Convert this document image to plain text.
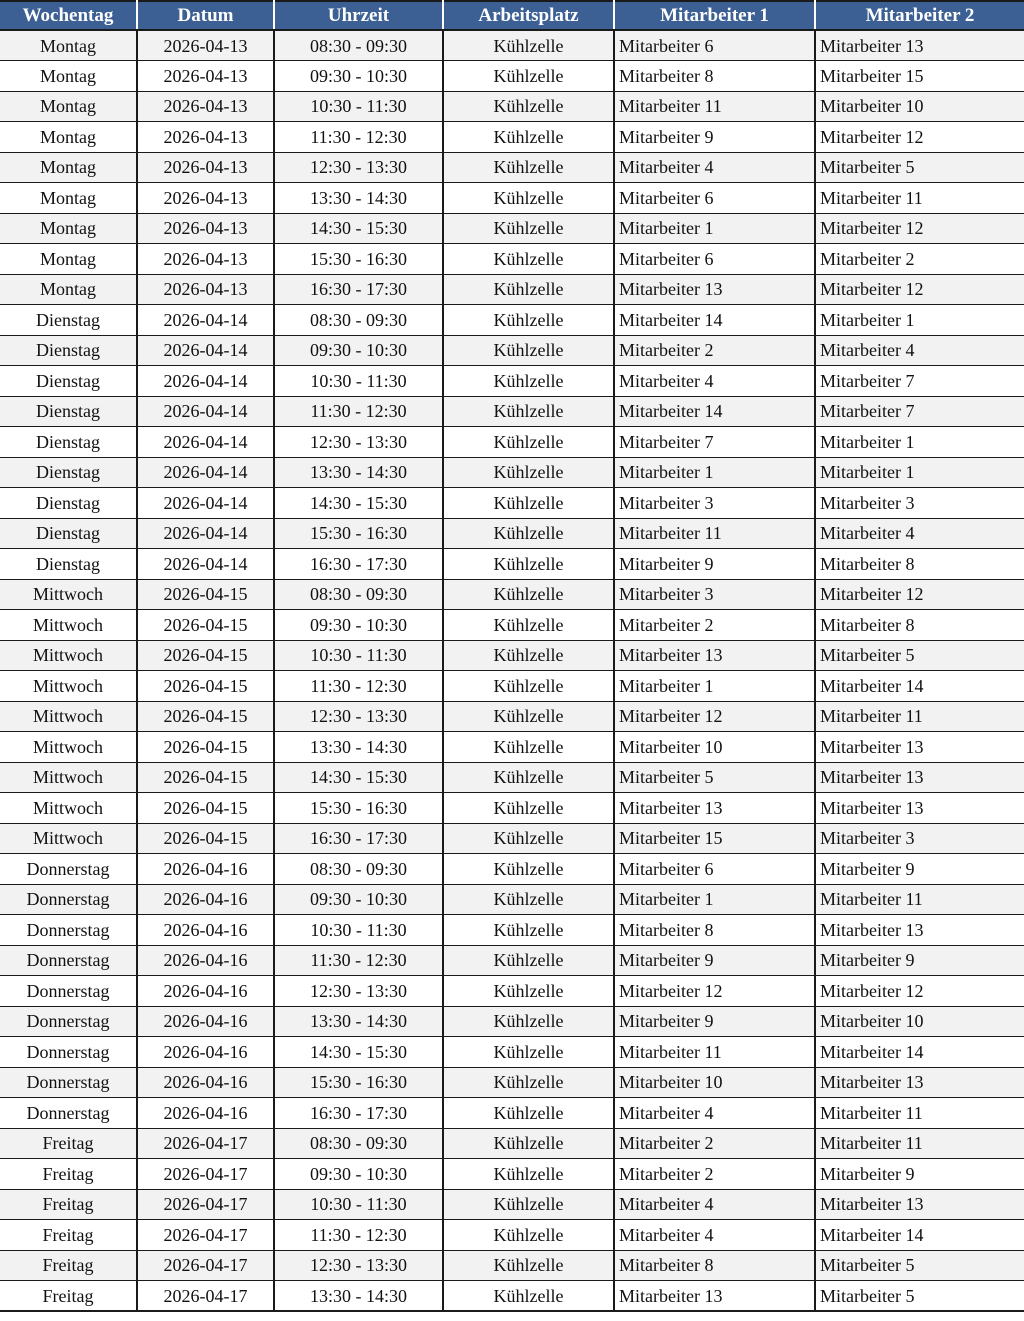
Wochentag	Datum	Uhrzeit	Arbeitsplatz	Mitarbeiter 1	Mitarbeiter 2
Montag	2026-04-13	08:30 - 09:30	Kühlzelle	Mitarbeiter 6	Mitarbeiter 13
Montag	2026-04-13	09:30 - 10:30	Kühlzelle	Mitarbeiter 8	Mitarbeiter 15
Montag	2026-04-13	10:30 - 11:30	Kühlzelle	Mitarbeiter 11	Mitarbeiter 10
Montag	2026-04-13	11:30 - 12:30	Kühlzelle	Mitarbeiter 9	Mitarbeiter 12
Montag	2026-04-13	12:30 - 13:30	Kühlzelle	Mitarbeiter 4	Mitarbeiter 5
Montag	2026-04-13	13:30 - 14:30	Kühlzelle	Mitarbeiter 6	Mitarbeiter 11
Montag	2026-04-13	14:30 - 15:30	Kühlzelle	Mitarbeiter 1	Mitarbeiter 12
Montag	2026-04-13	15:30 - 16:30	Kühlzelle	Mitarbeiter 6	Mitarbeiter 2
Montag	2026-04-13	16:30 - 17:30	Kühlzelle	Mitarbeiter 13	Mitarbeiter 12
Dienstag	2026-04-14	08:30 - 09:30	Kühlzelle	Mitarbeiter 14	Mitarbeiter 1
Dienstag	2026-04-14	09:30 - 10:30	Kühlzelle	Mitarbeiter 2	Mitarbeiter 4
Dienstag	2026-04-14	10:30 - 11:30	Kühlzelle	Mitarbeiter 4	Mitarbeiter 7
Dienstag	2026-04-14	11:30 - 12:30	Kühlzelle	Mitarbeiter 14	Mitarbeiter 7
Dienstag	2026-04-14	12:30 - 13:30	Kühlzelle	Mitarbeiter 7	Mitarbeiter 1
Dienstag	2026-04-14	13:30 - 14:30	Kühlzelle	Mitarbeiter 1	Mitarbeiter 1
Dienstag	2026-04-14	14:30 - 15:30	Kühlzelle	Mitarbeiter 3	Mitarbeiter 3
Dienstag	2026-04-14	15:30 - 16:30	Kühlzelle	Mitarbeiter 11	Mitarbeiter 4
Dienstag	2026-04-14	16:30 - 17:30	Kühlzelle	Mitarbeiter 9	Mitarbeiter 8
Mittwoch	2026-04-15	08:30 - 09:30	Kühlzelle	Mitarbeiter 3	Mitarbeiter 12
Mittwoch	2026-04-15	09:30 - 10:30	Kühlzelle	Mitarbeiter 2	Mitarbeiter 8
Mittwoch	2026-04-15	10:30 - 11:30	Kühlzelle	Mitarbeiter 13	Mitarbeiter 5
Mittwoch	2026-04-15	11:30 - 12:30	Kühlzelle	Mitarbeiter 1	Mitarbeiter 14
Mittwoch	2026-04-15	12:30 - 13:30	Kühlzelle	Mitarbeiter 12	Mitarbeiter 11
Mittwoch	2026-04-15	13:30 - 14:30	Kühlzelle	Mitarbeiter 10	Mitarbeiter 13
Mittwoch	2026-04-15	14:30 - 15:30	Kühlzelle	Mitarbeiter 5	Mitarbeiter 13
Mittwoch	2026-04-15	15:30 - 16:30	Kühlzelle	Mitarbeiter 13	Mitarbeiter 13
Mittwoch	2026-04-15	16:30 - 17:30	Kühlzelle	Mitarbeiter 15	Mitarbeiter 3
Donnerstag	2026-04-16	08:30 - 09:30	Kühlzelle	Mitarbeiter 6	Mitarbeiter 9
Donnerstag	2026-04-16	09:30 - 10:30	Kühlzelle	Mitarbeiter 1	Mitarbeiter 11
Donnerstag	2026-04-16	10:30 - 11:30	Kühlzelle	Mitarbeiter 8	Mitarbeiter 13
Donnerstag	2026-04-16	11:30 - 12:30	Kühlzelle	Mitarbeiter 9	Mitarbeiter 9
Donnerstag	2026-04-16	12:30 - 13:30	Kühlzelle	Mitarbeiter 12	Mitarbeiter 12
Donnerstag	2026-04-16	13:30 - 14:30	Kühlzelle	Mitarbeiter 9	Mitarbeiter 10
Donnerstag	2026-04-16	14:30 - 15:30	Kühlzelle	Mitarbeiter 11	Mitarbeiter 14
Donnerstag	2026-04-16	15:30 - 16:30	Kühlzelle	Mitarbeiter 10	Mitarbeiter 13
Donnerstag	2026-04-16	16:30 - 17:30	Kühlzelle	Mitarbeiter 4	Mitarbeiter 11
Freitag	2026-04-17	08:30 - 09:30	Kühlzelle	Mitarbeiter 2	Mitarbeiter 11
Freitag	2026-04-17	09:30 - 10:30	Kühlzelle	Mitarbeiter 2	Mitarbeiter 9
Freitag	2026-04-17	10:30 - 11:30	Kühlzelle	Mitarbeiter 4	Mitarbeiter 13
Freitag	2026-04-17	11:30 - 12:30	Kühlzelle	Mitarbeiter 4	Mitarbeiter 14
Freitag	2026-04-17	12:30 - 13:30	Kühlzelle	Mitarbeiter 8	Mitarbeiter 5
Freitag	2026-04-17	13:30 - 14:30	Kühlzelle	Mitarbeiter 13	Mitarbeiter 5
